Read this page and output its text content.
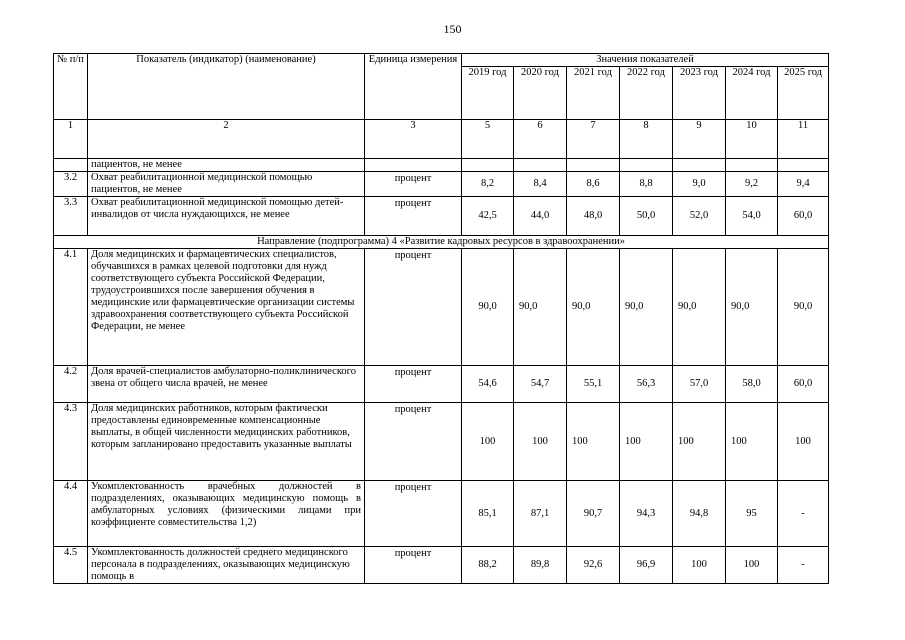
150
№ п/п	Показатель (индикатор) (наименование)	Единица измерения	Значения показателей						
			2019 год	2020 год	2021 год	2022 год	2023 год	2024 год	2025 год
1	2	3	5	6	7	8	9	10	11
	пациентов, не менее								
3.2	Охват реабилитационной медицинской помощью пациентов, не менее	процент	8,2	8,4	8,6	8,8	9,0	9,2	9,4
3.3	Охват реабилитационной медицинской помощью детей-инвалидов от числа нуждающихся, не менее	процент	42,5	44,0	48,0	50,0	52,0	54,0	60,0
Направление (подпрограмма) 4 «Развитие кадровых ресурсов в здравоохранении»									
4.1	Доля медицинских и фармацевтических специалистов, обучавшихся в рамках целевой подготовки для нужд соответствующего субъекта Российской Федерации, трудоустроившихся после завершения обучения в медицинские или фармацевтические организации системы здравоохранения соответствующего субъекта Российской Федерации, не менее	процент	90,0	90,0	90,0	90,0	90,0	90,0	90,0
4.2	Доля врачей-специалистов амбулаторно-поликлинического звена от общего числа врачей, не менее	процент	54,6	54,7	55,1	56,3	57,0	58,0	60,0
4.3	Доля медицинских работников, которым фактически предоставлены единовременные компенсационные выплаты, в общей численности медицинских работников, которым запланировано предоставить указанные выплаты	процент	100	100	100	100	100	100	100
4.4	Укомплектованность врачебных должностей в подразделениях, оказывающих медицинскую помощь в амбулаторных условиях (физическими лицами при коэффициенте совместительства 1,2)	процент	85,1	87,1	90,7	94,3	94,8	95	-
4.5	Укомплектованность должностей среднего медицинского персонала в подразделениях, оказывающих медицинскую помощь в	процент	88,2	89,8	92,6	96,9	100	100	-
